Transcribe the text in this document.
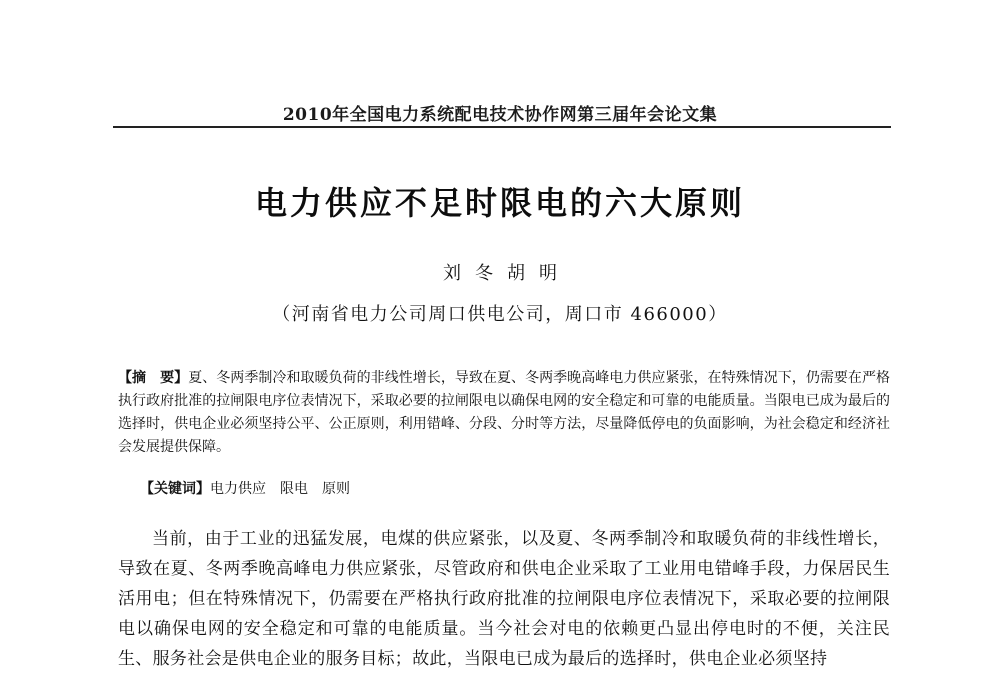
2010年全国电力系统配电技术协作网第三届年会论文集
电力供应不足时限电的六大原则
刘冬胡明
（河南省电力公司周口供电公司，周口市 466000）
【摘　要】夏、冬两季制冷和取暖负荷的非线性增长，导致在夏、冬两季晚高峰电力供应紧张，在特殊情况下，仍需要在严格执行政府批准的拉闸限电序位表情况下，采取必要的拉闸限电以确保电网的安全稳定和可靠的电能质量。当限电已成为最后的选择时，供电企业必须坚持公平、公正原则，利用错峰、分段、分时等方法，尽量降低停电的负面影响，为社会稳定和经济社会发展提供保障。
【关键词】电力供应 限电 原则
当前，由于工业的迅猛发展，电煤的供应紧张，以及夏、冬两季制冷和取暖负荷的非线性增长，导致在夏、冬两季晚高峰电力供应紧张，尽管政府和供电企业采取了工业用电错峰手段，力保居民生活用电；但在特殊情况下，仍需要在严格执行政府批准的拉闸限电序位表情况下，采取必要的拉闸限电以确保电网的安全稳定和可靠的电能质量。当今社会对电的依赖更凸显出停电时的不便，关注民生、服务社会是供电企业的服务目标；故此，当限电已成为最后的选择时，供电企业必须坚持
